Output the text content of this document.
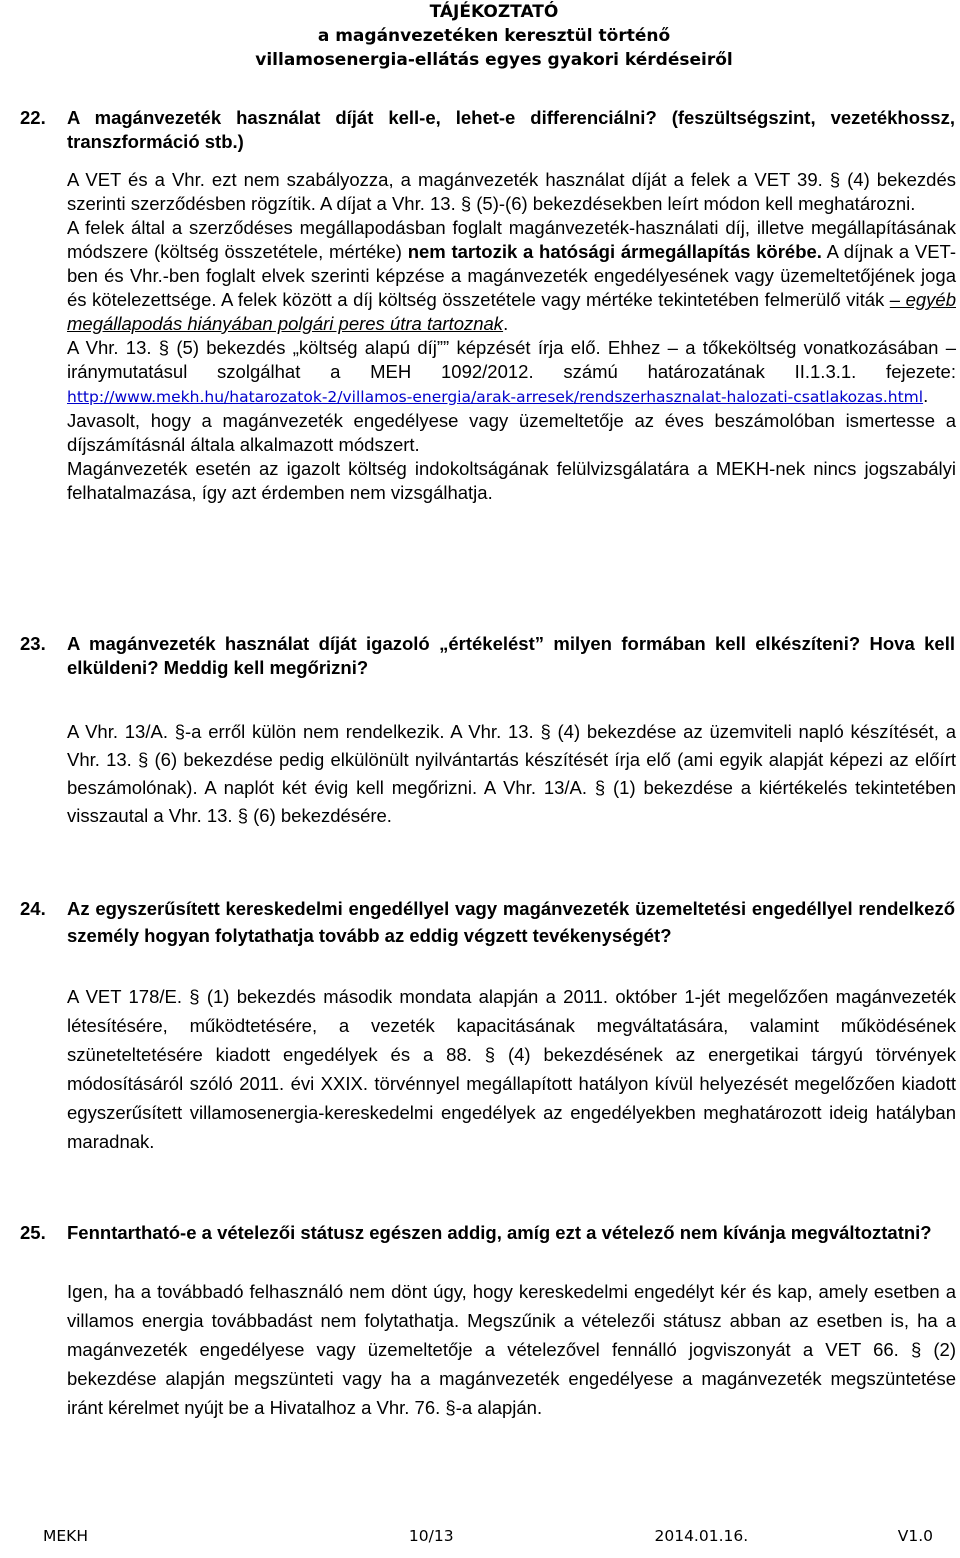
TÁJÉKOZTATÓ
a magánvezetéken keresztül történő
villamosenergia-ellátás egyes gyakori kérdéseiről
22.	A magánvezeték használat díját kell-e, lehet-e differenciálni? (feszültségszint, vezetékhossz, transzformáció stb.)

A VET és a Vhr. ezt nem szabályozza, a magánvezeték használat díját a felek a VET 39. § (4) bekezdés szerinti szerződésben rögzítik. A díjat a Vhr. 13. § (5)-(6) bekezdésekben leírt módon kell meghatározni.

A felek által a szerződéses megállapodásban foglalt magánvezeték-használati díj, illetve megállapításának módszere (költség összetétele, mértéke) nem tartozik a hatósági ármegállapítás körébe. A díjnak a VET-ben és Vhr.-ben foglalt elvek szerinti képzése a magánvezeték engedélyesének vagy üzemeltetőjének joga és kötelezettsége. A felek között a díj költség összetétele vagy mértéke tekintetében felmerülő viták – egyéb megállapodás hiányában polgári peres útra tartoznak.

A Vhr. 13. § (5) bekezdés „költség alapú díj”” képzését írja elő. Ehhez – a tőkeköltség vonatkozásában – iránymutatásul szolgálhat a MEH 1092/2012. számú határozatának II.1.3.1. fejezete: http://www.mekh.hu/hatarozatok-2/villamos-energia/arak-arresek/rendszerhasznalat-halozati-csatlakozas.html.

Javasolt, hogy a magánvezeték engedélyese vagy üzemeltetője az éves beszámolóban ismertesse a díjszámításnál általa alkalmazott módszert.

Magánvezeték esetén az igazolt költség indokoltságának felülvizsgálatára a MEKH-nek nincs jogszabályi felhatalmazása, így azt érdemben nem vizsgálhatja.

23.	A magánvezeték használat díját igazoló „értékelést” milyen formában kell elkészíteni? Hova kell elküldeni? Meddig kell megőrizni?

A Vhr. 13/A. §-a erről külön nem rendelkezik. A Vhr. 13. § (4) bekezdése az üzemviteli napló készítését, a Vhr. 13. § (6) bekezdése pedig elkülönült nyilvántartás készítését írja elő (ami egyik alapját képezi az előírt beszámolónak). A naplót két évig kell megőrizni. A Vhr. 13/A. § (1) bekezdése a kiértékelés tekintetében visszautal a Vhr. 13. § (6) bekezdésére.

24.	Az egyszerűsített kereskedelmi engedéllyel vagy magánvezeték üzemeltetési engedéllyel rendelkező személy hogyan folytathatja tovább az eddig végzett tevékenységét?

A VET 178/E. § (1) bekezdés második mondata alapján a 2011. október 1-jét megelőzően magánvezeték létesítésére, működtetésére, a vezeték kapacitásának megváltatására, valamint működésének szüneteltetésére kiadott engedélyek és a 88. § (4) bekezdésének az energetikai tárgyú törvények módosításáról szóló 2011. évi XXIX. törvénnyel megállapított hatályon kívül helyezését megelőzően kiadott egyszerűsített villamosenergia-kereskedelmi engedélyek az engedélyekben meghatározott ideig hatályban maradnak.

25.	Fenntartható-e a vételezői státusz egészen addig, amíg ezt a vételező nem kívánja megváltoztatni?

Igen, ha a továbbadó felhasználó nem dönt úgy, hogy kereskedelmi engedélyt kér és kap, amely esetben a villamos energia továbbadást nem folytathatja. Megszűnik a vételezői státusz abban az esetben is, ha a magánvezeték engedélyese vagy üzemeltetője a vételezővel fennálló jogviszonyát a VET 66. § (2) bekezdése alapján megszünteti vagy ha a magánvezeték engedélyese a magánvezeték megszüntetése iránt kérelmet nyújt be a Hivatalhoz a Vhr. 76. §-a alapján.

MEKH	10/13	2014.01.16.	V1.0
